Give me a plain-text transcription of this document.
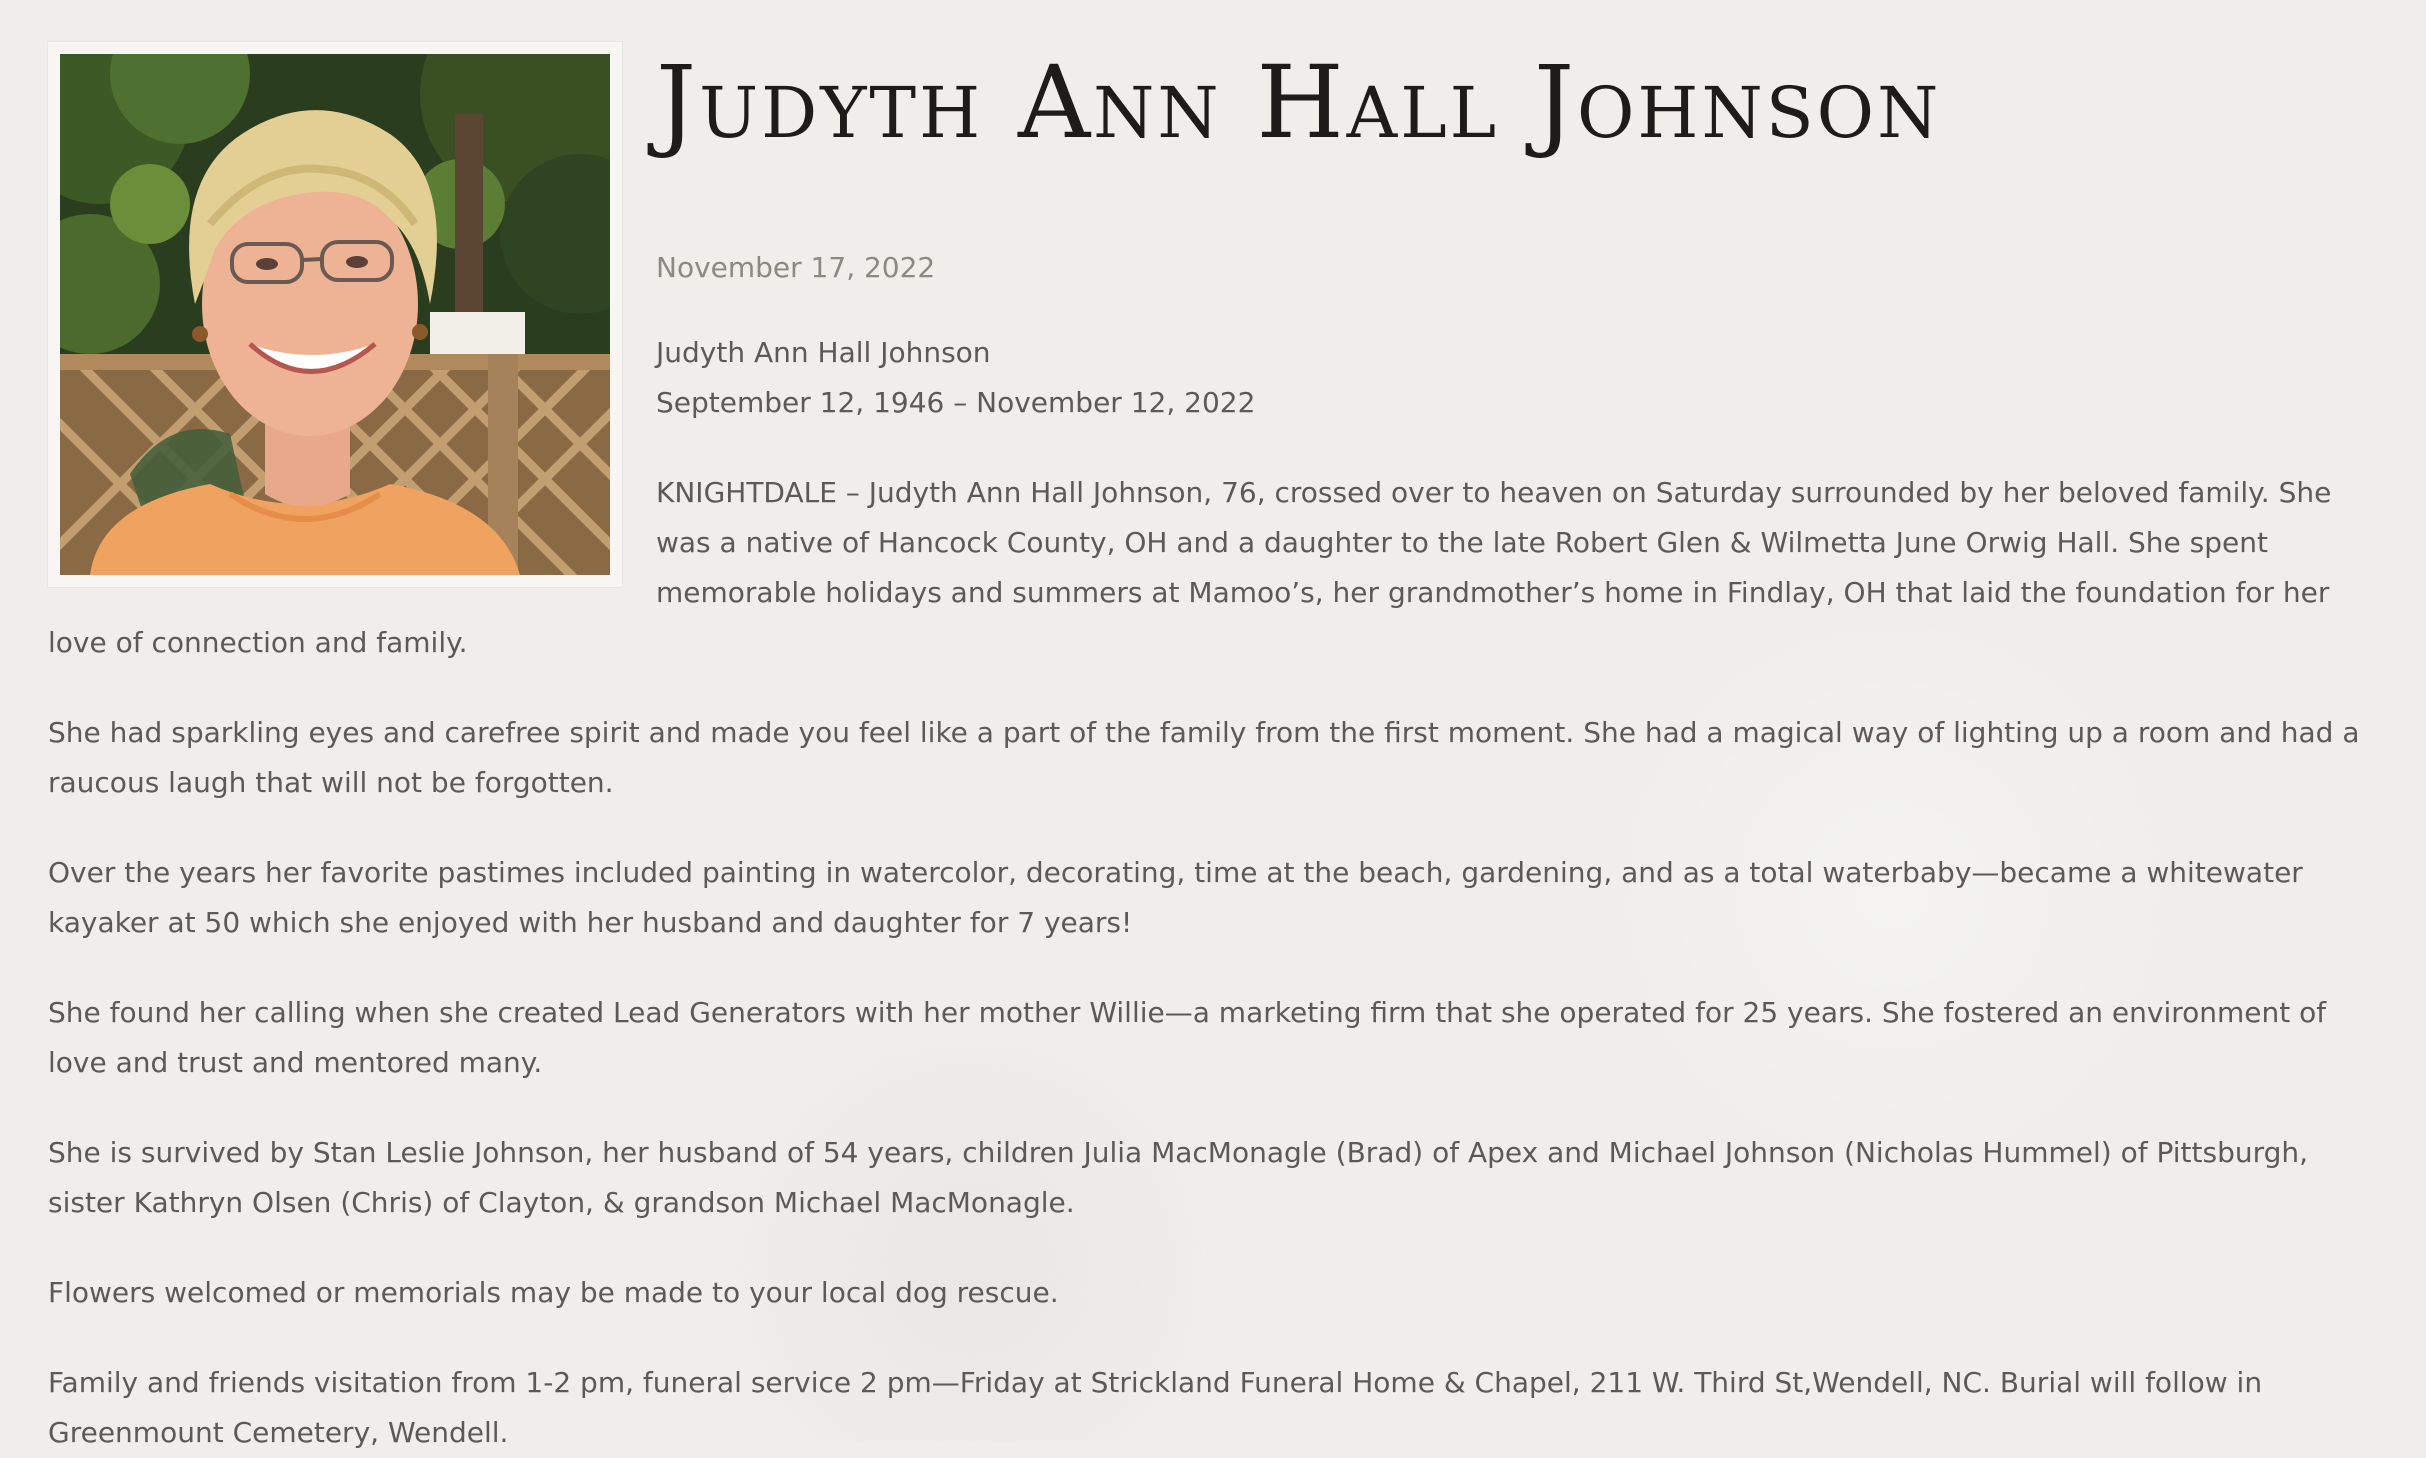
Judyth Ann Hall Johnson

November 17, 2022

Judyth Ann Hall Johnson

September 12, 1946 – November 12, 2022

KNIGHTDALE – Judyth Ann Hall Johnson, 76, crossed over to heaven on Saturday surrounded by her beloved family. She was a native of Hancock County, OH and a daughter to the late Robert Glen & Wilmetta June Orwig Hall. She spent memorable holidays and summers at Mamoo’s, her grandmother’s home in Findlay, OH that laid the foundation for her love of connection and family.

She had sparkling eyes and carefree spirit and made you feel like a part of the family from the first moment. She had a magical way of lighting up a room and had a raucous laugh that will not be forgotten.

Over the years her favorite pastimes included painting in watercolor, decorating, time at the beach, gardening, and as a total waterbaby—became a whitewater kayaker at 50 which she enjoyed with her husband and daughter for 7 years!

She found her calling when she created Lead Generators with her mother Willie—a marketing firm that she operated for 25 years. She fostered an environment of love and trust and mentored many.

She is survived by Stan Leslie Johnson, her husband of 54 years, children Julia MacMonagle (Brad) of Apex and Michael Johnson (Nicholas Hummel) of Pittsburgh, sister Kathryn Olsen (Chris) of Clayton, & grandson Michael MacMonagle.

Flowers welcomed or memorials may be made to your local dog rescue.

Family and friends visitation from 1-2 pm, funeral service 2 pm—Friday at Strickland Funeral Home & Chapel, 211 W. Third St,Wendell, NC. Burial will follow in Greenmount Cemetery, Wendell.
